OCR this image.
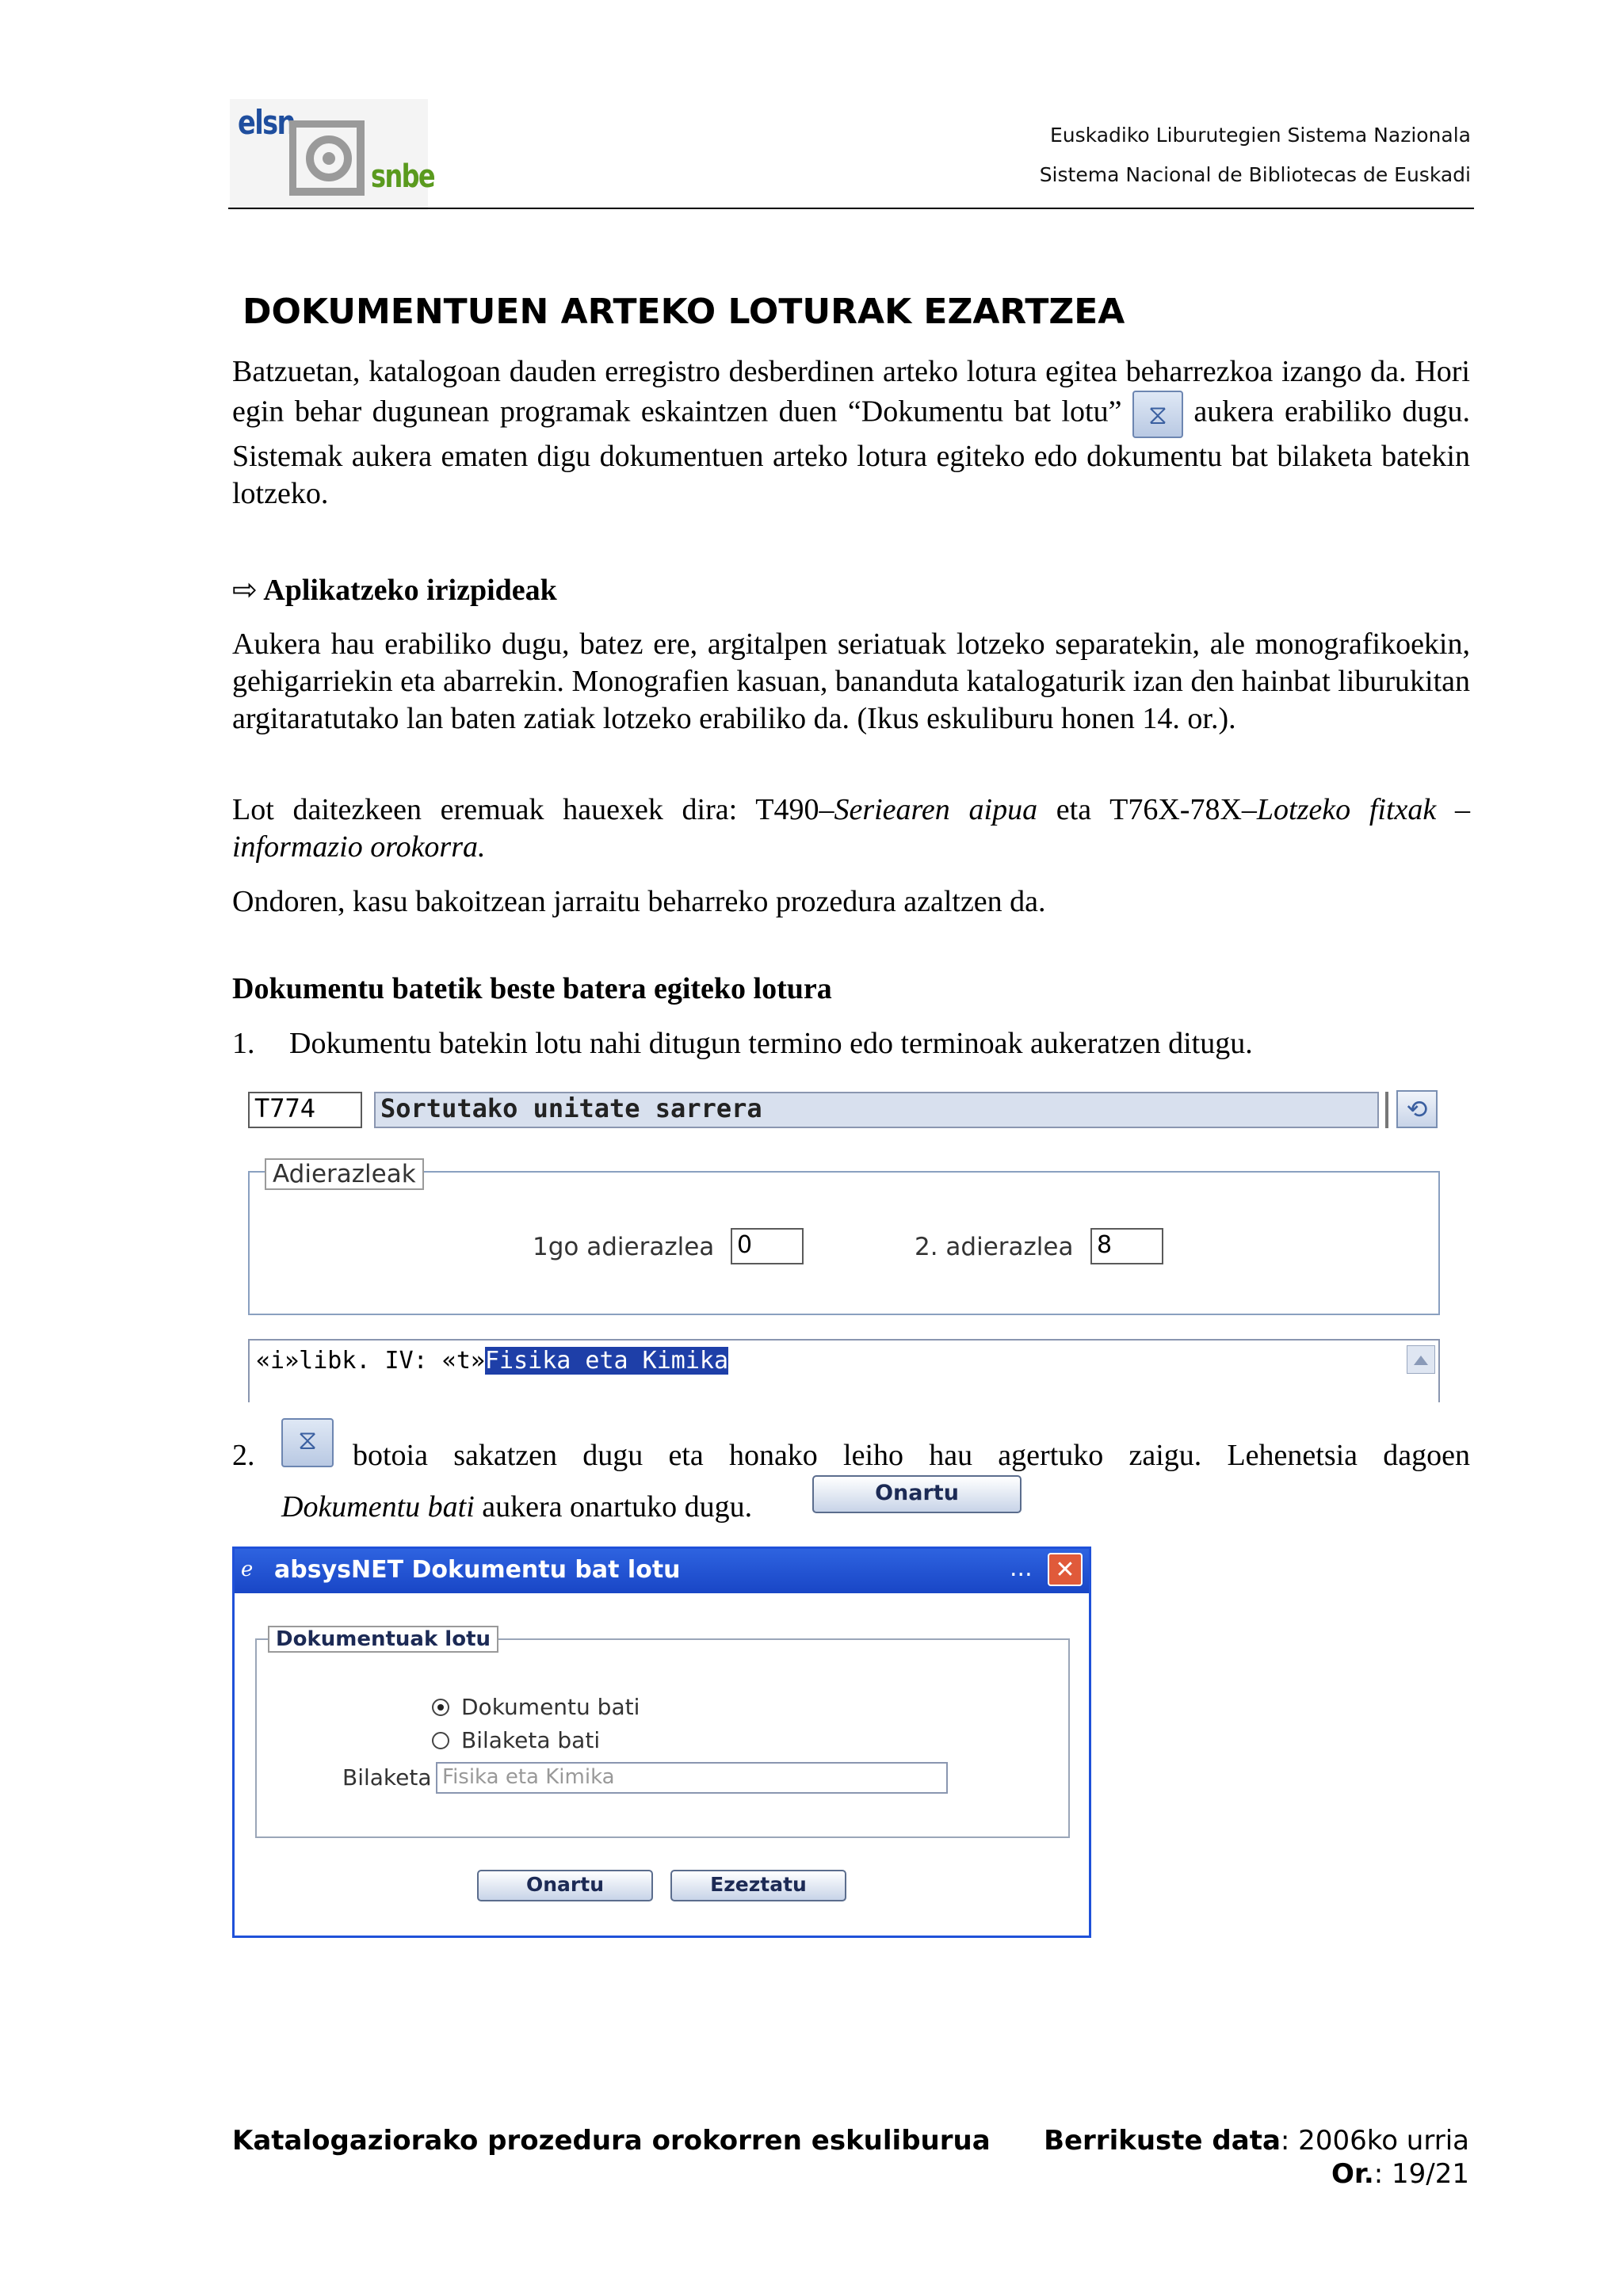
elsn
snbe
Euskadiko Liburutegien Sistema Nazionala
Sistema Nacional de Bibliotecas de Euskadi
DOKUMENTUEN ARTEKO LOTURAK EZARTZEA
Batzuetan, katalogoan dauden erregistro desberdinen arteko lotura egitea beharrezkoa izango da. Hori egin behar dugunean programak eskaintzen duen “Dokumentu bat lotu” ⧖ aukera erabiliko dugu. Sistemak aukera ematen digu dokumentuen arteko lotura egiteko edo dokumentu bat bilaketa batekin lotzeko.
⇨ Aplikatzeko irizpideak
Aukera hau erabiliko dugu, batez ere, argitalpen seriatuak lotzeko separatekin, ale monografikoekin, gehigarriekin eta abarrekin. Monografien kasuan, bananduta katalogaturik izan den hainbat liburukitan argitaratutako lan baten zatiak lotzeko erabiliko da. (Ikus eskuliburu honen 14. or.).
Lot daitezkeen eremuak hauexek dira: T490–Seriearen aipua eta T76X-78X–Lotzeko fitxak – informazio orokorra.
Ondoren, kasu bakoitzean jarraitu beharreko prozedura azaltzen da.
Dokumentu batetik beste batera egiteko lotura
1. Dokumentu batekin lotu nahi ditugun termino edo terminoak aukeratzen ditugu.
T774	Sortutako unitate sarrera	⟲
Adierazleak
1go adierazlea 0	2. adierazlea 8
«i»libk. IV: «t»Fisika eta Kimika
2.	⧖	botoia sakatzen dugu eta honako leiho hau agertuko zaigu. Lehenetsia dagoen
Dokumentu bati aukera onartuko dugu.	Onartu
ℯ absysNET Dokumentu bat lotu	... ✕
Dokumentuak lotu
Dokumentu bati
Bilaketa bati
Bilaketa Fisika eta Kimika
Onartu	Ezeztatu
Katalogaziorako prozedura orokorren eskuliburua Berrikuste data: 2006ko urria
Or.: 19/21
